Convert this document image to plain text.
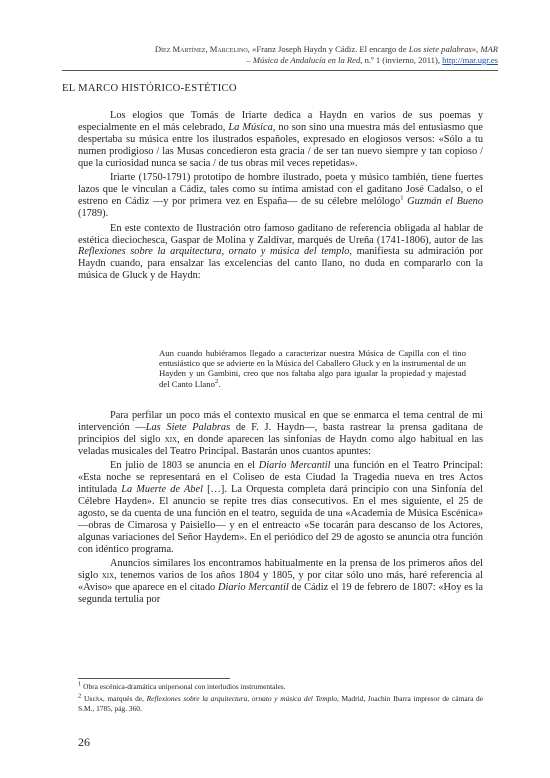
Díez Martínez, Marcelino, «Franz Joseph Haydn y Cádiz. El encargo de Los siete palabras», MAR
– Música de Andalucía en la Red, n.º 1 (invierno, 2011), http://mar.ugr.es
EL MARCO HISTÓRICO-ESTÉTICO

Los elogios que Tomás de Iriarte dedica a Haydn en varios de sus poemas y especialmente en el más celebrado, La Música, no son sino una muestra más del entusiasmo que despertaba su música entre los ilustrados españoles, expresado en elogiosos versos: «Sólo a tu numen prodigioso / las Musas concedieron esta gracia / de ser tan nuevo siempre y tan copioso / que la curiosidad nunca se sacia / de tus obras mil veces repetidas».

Iriarte (1750-1791) prototipo de hombre ilustrado, poeta y músico también, tiene fuertes lazos que le vinculan a Cádiz, tales como su íntima amistad con el gaditano José Cadalso, o el estreno en Cádiz —y por primera vez en España— de su célebre melólogo$^1$ Guzmán el Bueno (1789).

En este contexto de Ilustración otro famoso gaditano de referencia obligada al hablar de estética dieciochesca, Gaspar de Molina y Zaldívar, marqués de Ureña (1741-1806), autor de las Reflexiones sobre la arquitectura, ornato y música del templo, manifiesta su admiración por Haydn cuando, para ensalzar las excelencias del canto llano, no duda en compararlo con la música de Gluck y de Haydn:

Aun cuando hubiéramos llegado a caracterizar nuestra Música de Capilla con el tino entusiástico que se advierte en la Música del Caballero Gluck y en la instrumental de un Hayden y un Gambini, creo que nos faltaba algo para igualar la propiedad y majestad del Canto Llano$^2$.

Para perfilar un poco más el contexto musical en que se enmarca el tema central de mi intervención —Las Siete Palabras de F. J. Haydn—, basta rastrear la prensa gaditana de principios del siglo xix, en donde aparecen las sinfonías de Haydn como algo habitual en las veladas musicales del Teatro Principal. Bastarán unos cuantos apuntes:

En julio de 1803 se anuncia en el Diario Mercantil una función en el Teatro Principal: «Esta noche se representará en el Coliseo de esta Ciudad la Tragedia nueva en tres Actos intitulada La Muerte de Abel […]. La Orquesta completa dará principio con una Sinfonía del Célebre Hayden». El anuncio se repite tres días consecutivos. En el mes siguiente, el 25 de agosto, se da cuenta de una función en el teatro, seguida de una «Academia de Música Escénica» —obras de Cimarosa y Paisiello— y en el entreacto «Se tocarán para descanso de los Actores, algunas variaciones del Señor Haydem». En el periódico del 29 de agosto se anuncia otra función con idéntico programa.

Anuncios similares los encontramos habitualmente en la prensa de los primeros años del siglo xix, tenemos varios de los años 1804 y 1805, y por citar sólo uno más, haré referencia al «Aviso» que aparece en el citado Diario Mercantil de Cádiz el 19 de febrero de 1807: «Hoy es la segunda tertulia por

$^1$ Obra escénica-dramática unipersonal con interludios instrumentales.
$^2$ Ureña, marqués de, Reflexiones sobre la arquitectura, ornato y música del Templo, Madrid, Joachin Ibarra impresor de cámara de S.M., 1785, pág. 360.
26
